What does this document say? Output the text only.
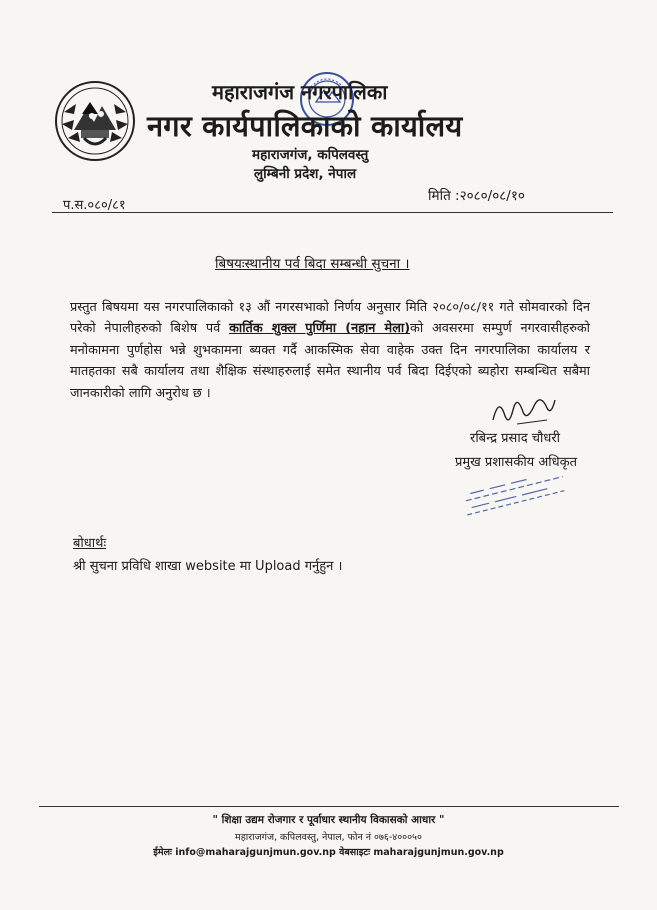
महाराजगंज नगरपालिका
नगर कार्यपालिकाको कार्यालय
महाराजगंज, कपिलवस्तु
लुम्बिनी प्रदेश, नेपाल
प.स.०८०/८१
मिति :२०८०/०८/१०
बिषयःस्थानीय पर्व बिदा सम्बन्धी सुचना ।

प्रस्तुत बिषयमा यस नगरपालिकाको १३ औं नगरसभाको निर्णय अनुसार मिति २०८०/०८/११ गते सोमवारको दिन परेको नेपालीहरुको बिशेष पर्व कार्तिक शुक्ल पुर्णिमा (नहान मेला)को अवसरमा सम्पुर्ण नगरवासीहरुको मनोकामना पुर्णहोस भन्ने शुभकामना ब्यक्त गर्दै आकस्मिक सेवा वाहेक उक्त दिन नगरपालिका कार्यालय र मातहतका सबै कार्यालय तथा शैक्षिक संस्थाहरुलाई समेत स्थानीय पर्व बिदा दिईएको ब्यहोरा सम्बन्धित सबैमा जानकारीको लागि अनुरोध छ ।

रबिन्द्र प्रसाद चौधरी
प्रमुख प्रशासकीय अधिकृत
बोधार्थः
श्री सुचना प्रविधि शाखा website मा Upload गर्नुहुन ।
" शिक्षा उद्यम रोजगार र पूर्वाधार स्थानीय विकासको आधार "
महाराजगंज, कपिलवस्तु, नेपाल, फोन नं ०७६-४०००५०
ईमेलः info@maharajgunjmun.gov.np वेबसाइटः maharajgunjmun.gov.np
